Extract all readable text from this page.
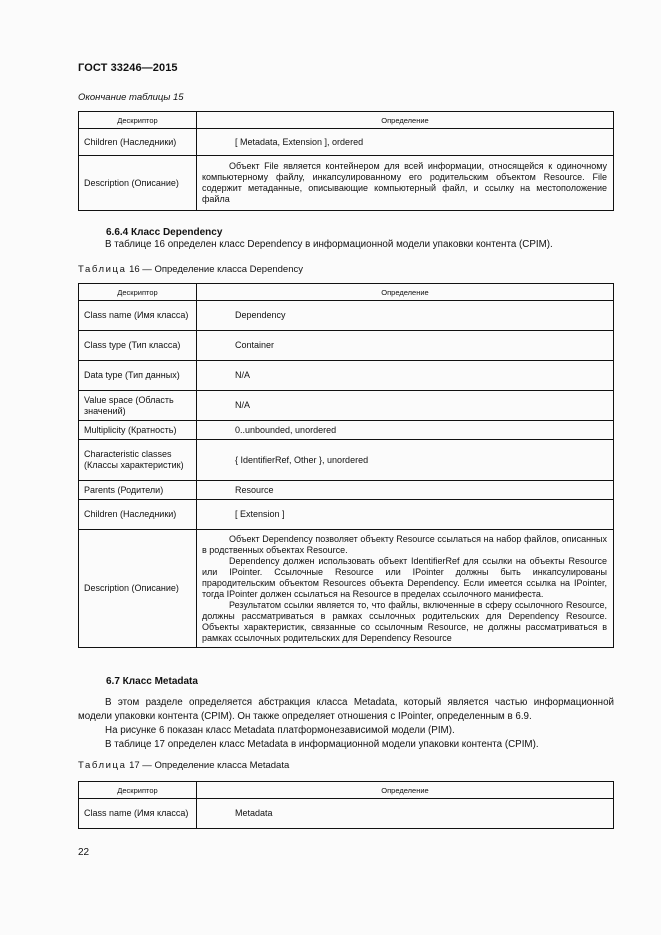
ГОСТ 33246—2015
Окончание таблицы 15
Дескриптор	Определение
Children (Наследники)	[ Metadata, Extension ], ordered
Description (Описание)	Объект File является контейнером для всей информации, относящейся к одиночному компьютерному файлу, инкапсулированному его родительским объектом Resource. File содержит метаданные, описывающие компьютерный файл, и ссылку на местоположение файла

6.6.4 Класс Dependency
В таблице 16 определен класс Dependency в информационной модели упаковки контента (CPIM).
Таблица 16 — Определение класса Dependency
Дескриптор	Определение
Class name (Имя класса)	Dependency
Class type (Тип класса)	Container
Data type (Тип данных)	N/A
Value space (Область значений)	N/A
Multiplicity (Кратность)	0..unbounded, unordered
Characteristic classes (Классы характеристик)	{ IdentifierRef, Other }, unordered
Parents (Родители)	Resource
Children (Наследники)	[ Extension ]
Description (Описание)	Объект Dependency позволяет объекту Resource ссылаться на набор файлов, описанных в родственных объектах Resource.

Dependency должен использовать объект IdentifierRef для ссылки на объекты Resource или IPointer. Ссылочные Resource или IPointer должны быть инкапсулированы прародительским объектом Resources объекта Dependency. Если имеется ссылка на IPointer, тогда IPointer должен ссылаться на Resource в пределах ссылочного манифеста.

Результатом ссылки является то, что файлы, включенные в сферу ссылочного Resource, должны рассматриваться в рамках ссылочных родительских для Dependency Resource. Объекты характеристик, связанные со ссылочным Resource, не должны рассматриваться в рамках ссылочных родительских для Dependency Resource

6.7 Класс Metadata
В этом разделе определяется абстракция класса Metadata, который является частью информационной модели упаковки контента (CPIM). Он также определяет отношения с IPointer, определенным в 6.9.
На рисунке 6 показан класс Metadata платформонезависимой модели (PIM).
В таблице 17 определен класс Metadata в информационной модели упаковки контента (CPIM).
Таблица 17 — Определение класса Metadata
Дескриптор	Определение
Class name (Имя класса)	Metadata
22
